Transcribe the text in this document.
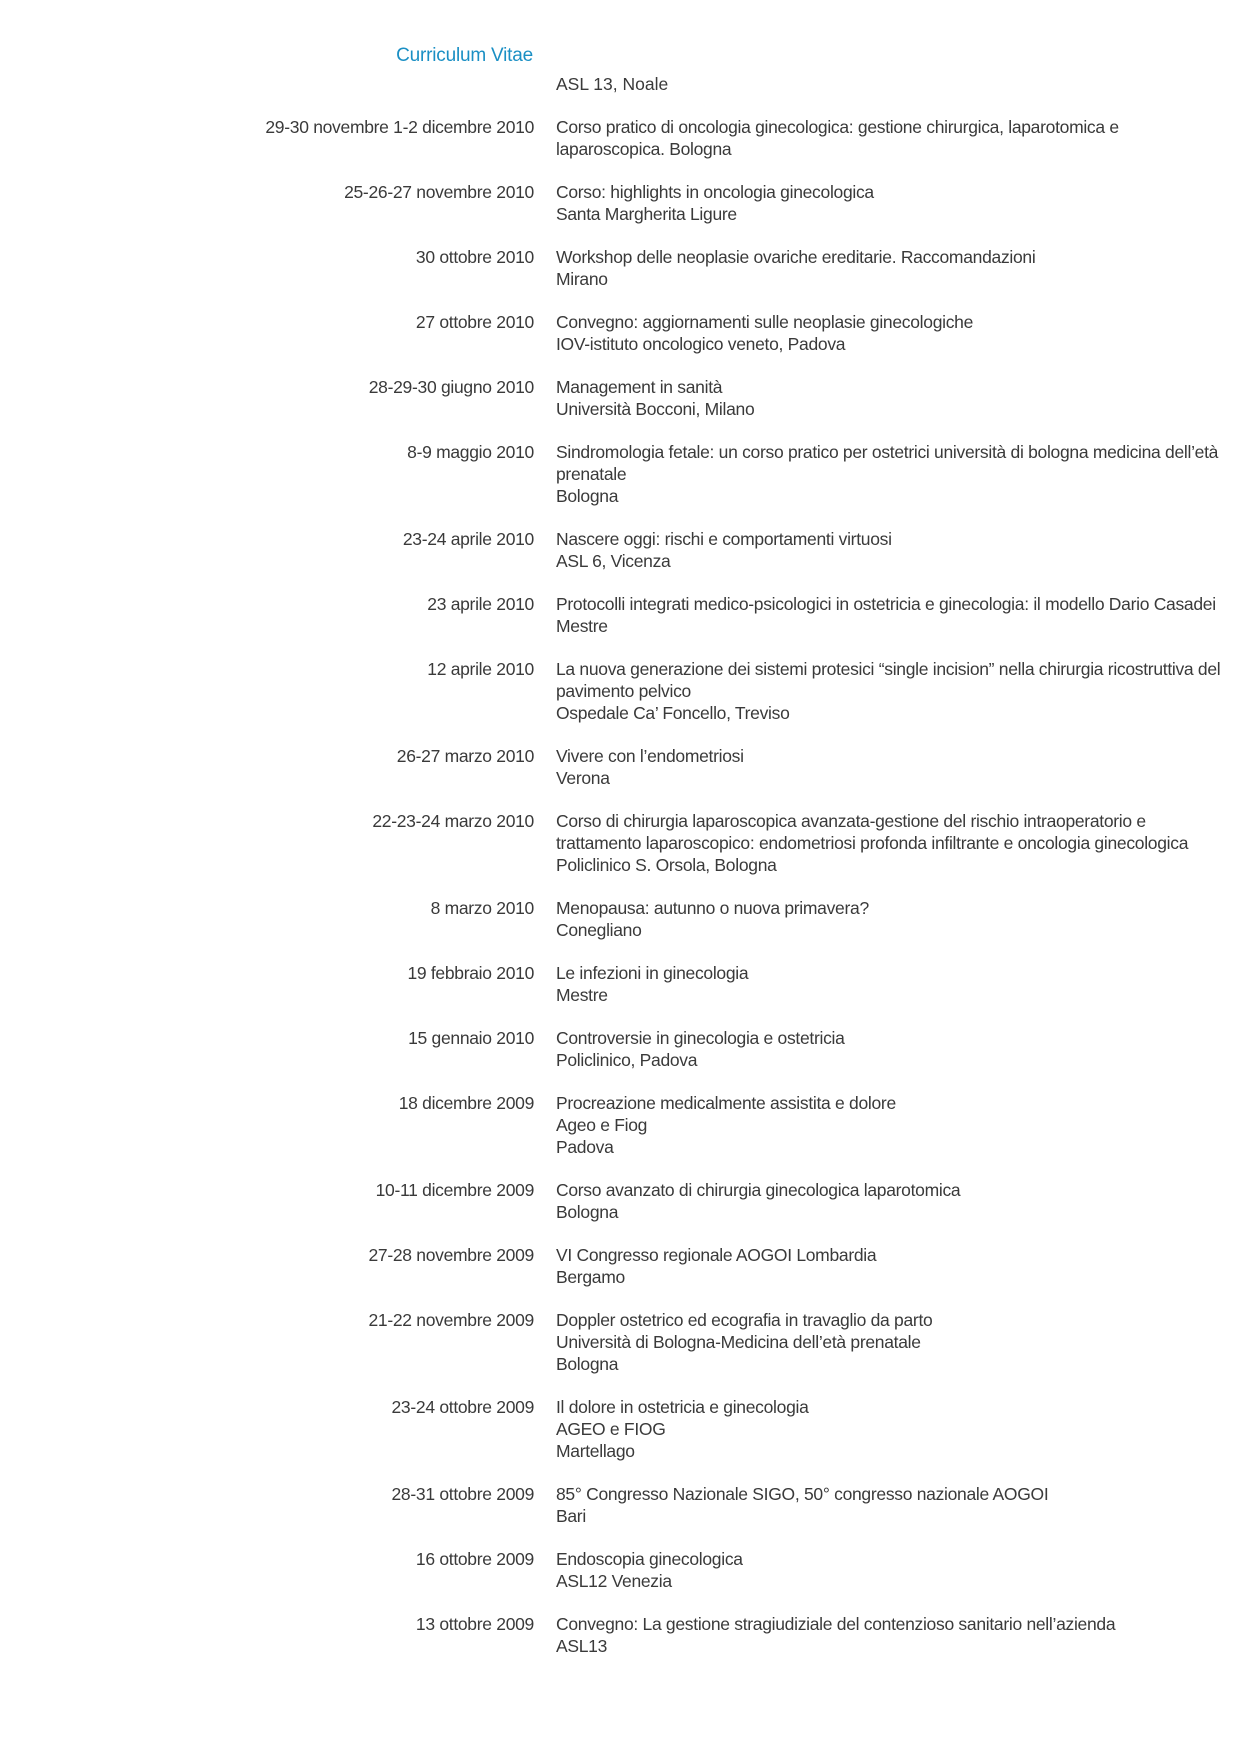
Curriculum Vitae
ASL 13, Noale
29-30 novembre 1-2 dicembre 2010 Corso pratico di oncologia ginecologica: gestione chirurgica, laparotomica e
laparoscopica. Bologna
25-26-27 novembre 2010 Corso: highlights in oncologia ginecologica
Santa Margherita Ligure
30 ottobre 2010 Workshop delle neoplasie ovariche ereditarie. Raccomandazioni
Mirano
27 ottobre 2010 Convegno: aggiornamenti sulle neoplasie ginecologiche
IOV-istituto oncologico veneto, Padova
28-29-30 giugno 2010 Management in sanità
Università Bocconi, Milano
8-9 maggio 2010 Sindromologia fetale: un corso pratico per ostetrici università di bologna medicina dell’età
prenatale
Bologna
23-24 aprile 2010 Nascere oggi: rischi e comportamenti virtuosi
ASL 6, Vicenza
23 aprile 2010 Protocolli integrati medico-psicologici in ostetricia e ginecologia: il modello Dario Casadei
Mestre
12 aprile 2010 La nuova generazione dei sistemi protesici “single incision” nella chirurgia ricostruttiva del
pavimento pelvico
Ospedale Ca’ Foncello, Treviso
26-27 marzo 2010 Vivere con l’endometriosi
Verona
22-23-24 marzo 2010 Corso di chirurgia laparoscopica avanzata-gestione del rischio intraoperatorio e
trattamento laparoscopico: endometriosi profonda infiltrante e oncologia ginecologica
Policlinico S. Orsola, Bologna
8 marzo 2010 Menopausa: autunno o nuova primavera?
Conegliano
19 febbraio 2010 Le infezioni in ginecologia
Mestre
15 gennaio 2010 Controversie in ginecologia e ostetricia
Policlinico, Padova
18 dicembre 2009 Procreazione medicalmente assistita e dolore
Ageo e Fiog
Padova
10-11 dicembre 2009 Corso avanzato di chirurgia ginecologica laparotomica
Bologna
27-28 novembre 2009 VI Congresso regionale AOGOI Lombardia
Bergamo
21-22 novembre 2009 Doppler ostetrico ed ecografia in travaglio da parto
Università di Bologna-Medicina dell’età prenatale
Bologna
23-24 ottobre 2009 Il dolore in ostetricia e ginecologia
AGEO e FIOG
Martellago
28-31 ottobre 2009 85° Congresso Nazionale SIGO, 50° congresso nazionale AOGOI
Bari
16 ottobre 2009 Endoscopia ginecologica
ASL12 Venezia
13 ottobre 2009 Convegno: La gestione stragiudiziale del contenzioso sanitario nell’azienda
ASL13
